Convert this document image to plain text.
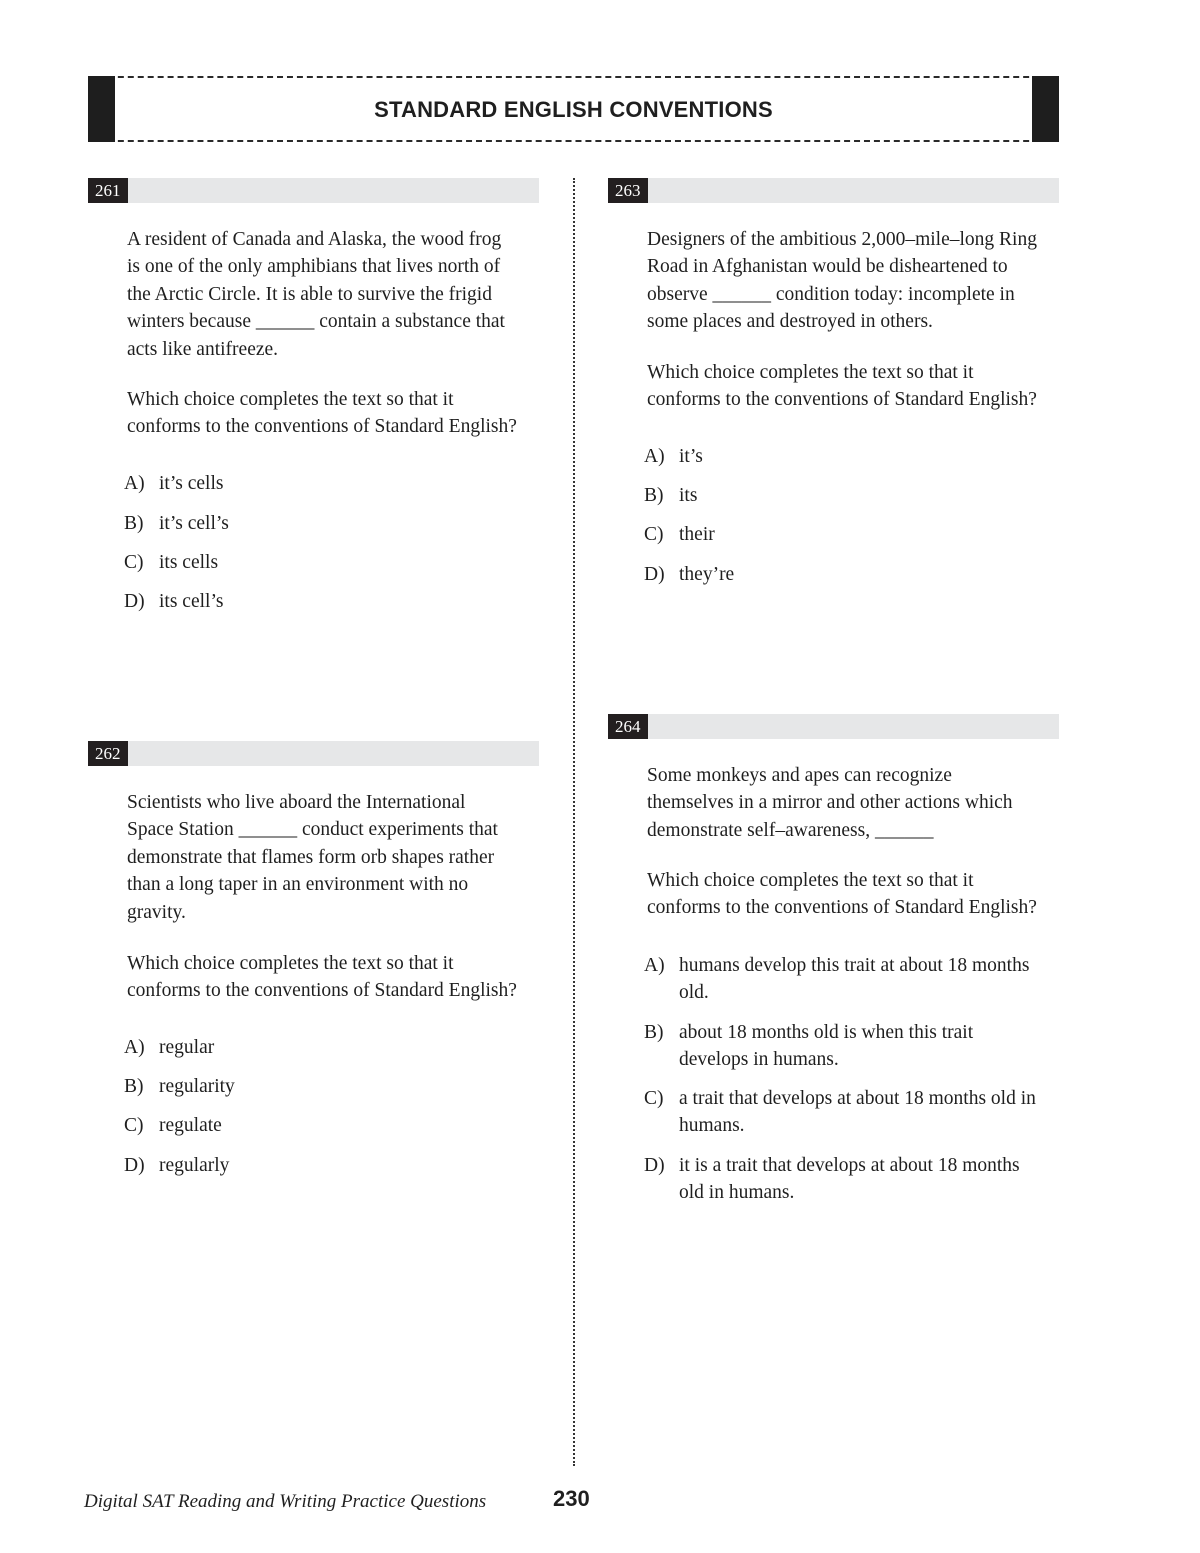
STANDARD ENGLISH CONVENTIONS
261
A resident of Canada and Alaska, the wood frog
is one of the only amphibians that lives north of
the Arctic Circle. It is able to survive the frigid
winters because ______ contain a substance that
acts like antifreeze.
Which choice completes the text so that it
conforms to the conventions of Standard English?
A) it’s cells
B) it’s cell’s
C) its cells
D) its cell’s
262
Scientists who live aboard the International
Space Station ______ conduct experiments that
demonstrate that flames form orb shapes rather
than a long taper in an environment with no
gravity.
Which choice completes the text so that it
conforms to the conventions of Standard English?
A) regular
B) regularity
C) regulate
D) regularly
263
Designers of the ambitious 2,000–mile–long Ring
Road in Afghanistan would be disheartened to
observe ______ condition today: incomplete in
some places and destroyed in others.
Which choice completes the text so that it
conforms to the conventions of Standard English?
A) it’s
B) its
C) their
D) they’re
264
Some monkeys and apes can recognize
themselves in a mirror and other actions which
demonstrate self–awareness, ______
Which choice completes the text so that it
conforms to the conventions of Standard English?
A) humans develop this trait at about 18 months
old.
B) about 18 months old is when this trait
develops in humans.
C) a trait that develops at about 18 months old in
humans.
D) it is a trait that develops at about 18 months
old in humans.
Digital SAT Reading and Writing Practice Questions	230
